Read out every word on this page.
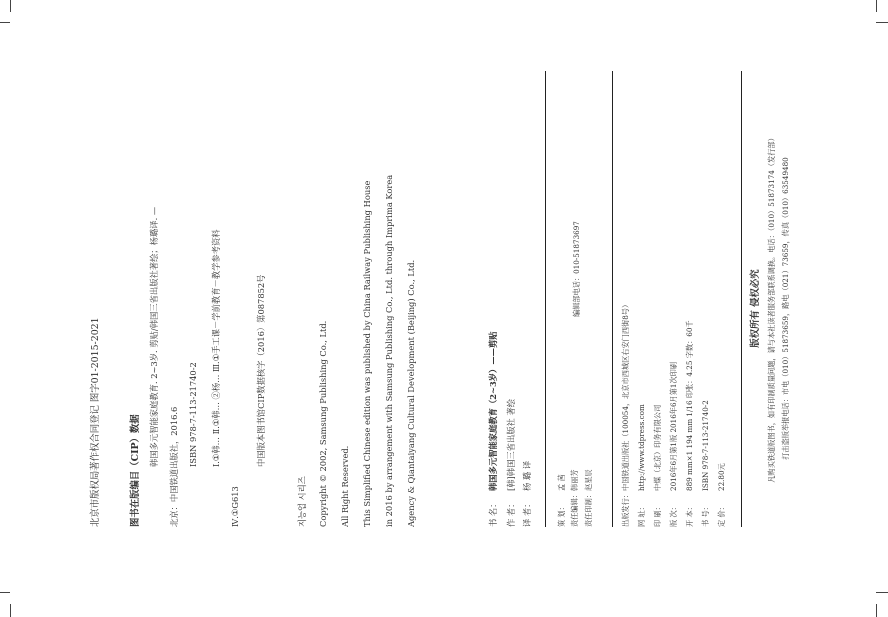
北京市版权局著作权合同登记 图字01-2015-2021	图书在版编目（CIP）数据
韩国多元智能家庭教育. 2~3岁. 剪贴/韩国三省出版社著绘；杨璐译. — 北京：中国铁道出版社，2016.6 ISBN 978-7-113-21740-2 Ⅰ.①韩… Ⅱ.①韩… ②杨… Ⅲ.①手工课－学前教育－教学参考资料
Ⅳ.①G613
中国版本图书馆CIP数据核字（2016）第087852号
지능업 시리즈 Copyright © 2002, Samsung Publishing Co., Ltd. All Right Reserved. This Simplified Chinese edition was published by China Railway Publishing House in 2016 by arrangement with Samsung Publishing Co., Ltd. through Imprima Korea Agency & Qiantaiyang Cultural Development (Beijing) Co., Ltd.	书 名：
韩国多元智能家庭教育（2~3岁）——剪贴
作 者：
[韩]韩国三省出版社 著绘
译 者：
杨 璐 译
策 划：
孟 茜
责任编辑：
韩丽芳
编辑部电话：010-51873697
责任印制：
赵星辰
出版发行：
中国铁道出版社（100054，北京市西城区右安门西街8号）
网 址：
http://www.tdpress.com
印 刷：
中煤（北京）印务有限公司
版 次：
2016年6月第1版 2016年6月第1次印刷
开 本：
889 mm×1 194 mm 1/16 印张：4.25 字数：60千
书 号：
ISBN 978-7-113-21740-2
定 价：
22.80元
版权所有 侵权必究 凡购买铁道版图书，如有印制质量问题，请与本社读者服务部联系调换。电话：（010）51873174（发行部） 打击盗版举报电话：市电（010）51873659，路电（021）73659，传真（010）63549480
